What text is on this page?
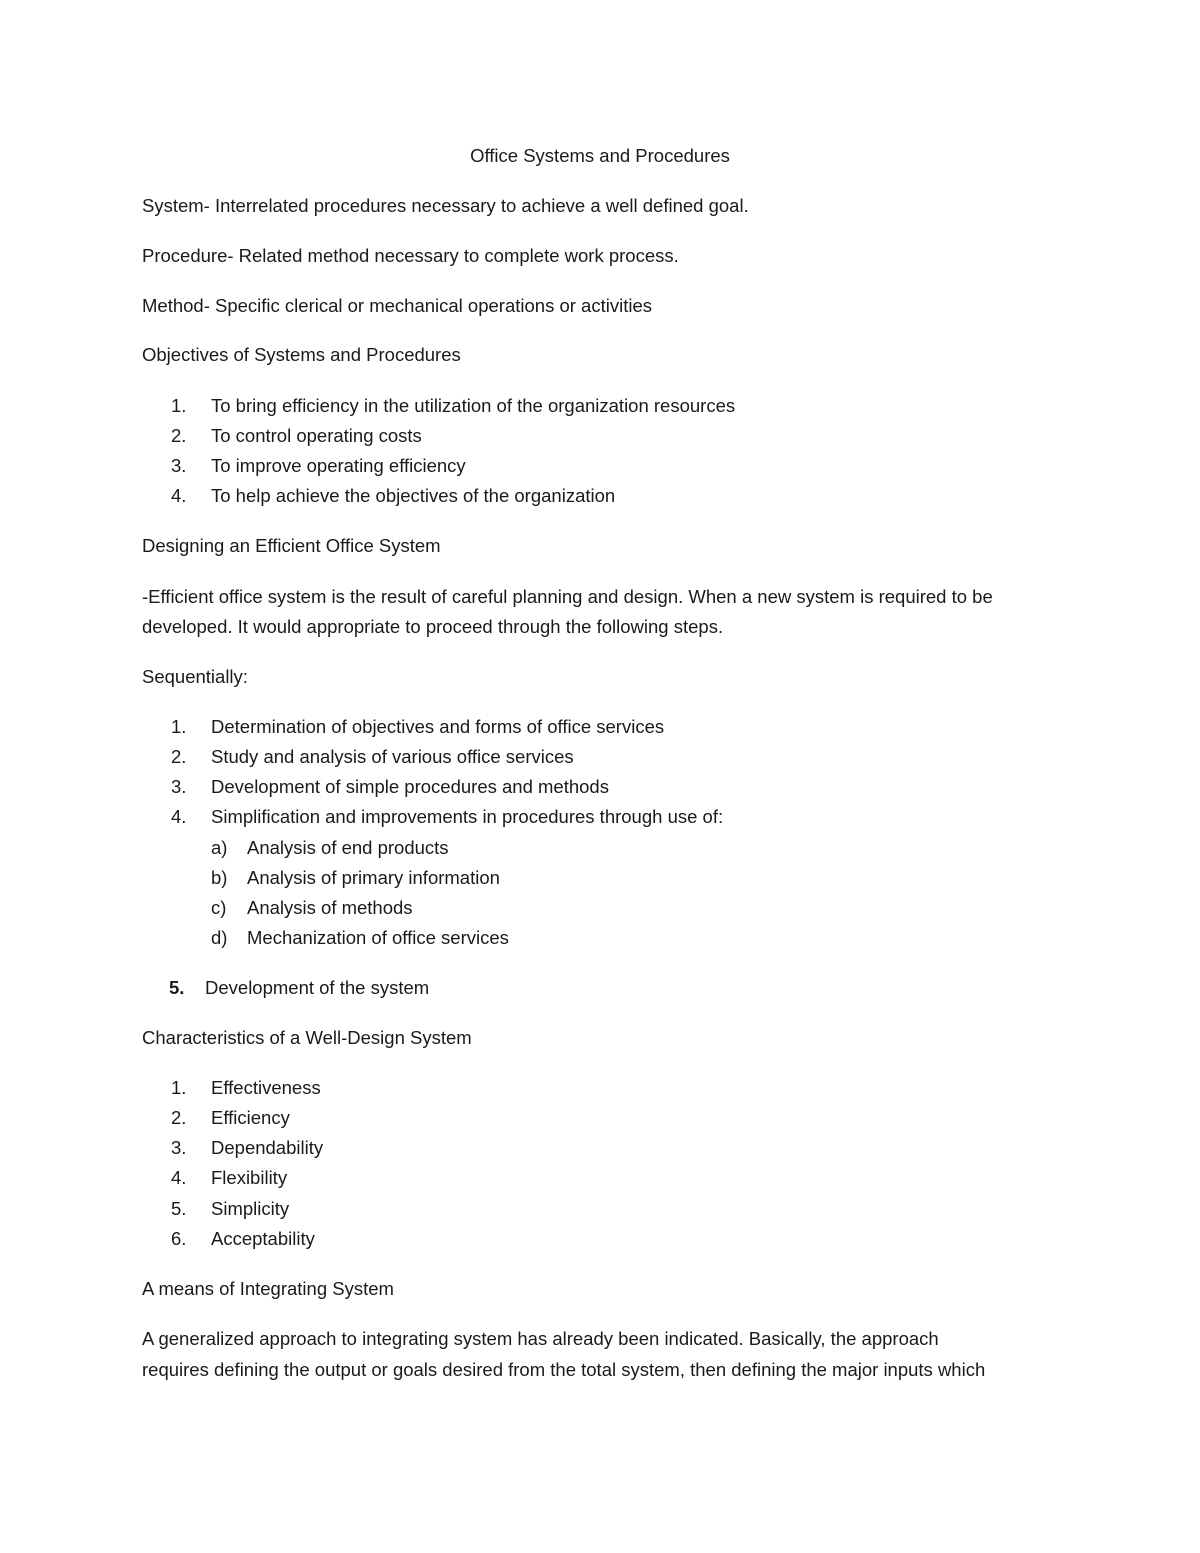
Office Systems and Procedures
System- Interrelated procedures necessary to achieve a well defined goal.
Procedure- Related method necessary to complete work process.
Method- Specific clerical or mechanical operations or activities
Objectives of Systems and Procedures
1. To bring efficiency in the utilization of the organization resources
2. To control operating costs
3. To improve operating efficiency
4. To help achieve the objectives of the organization
Designing an Efficient Office System
-Efficient office system is the result of careful planning and design. When a new system is required to be
developed. It would appropriate to proceed through the following steps.
Sequentially:
1. Determination of objectives and forms of office services
2. Study and analysis of various office services
3. Development of simple procedures and methods
4. Simplification and improvements in procedures through use of:
a) Analysis of end products
b) Analysis of primary information
c) Analysis of methods
d) Mechanization of office services
5. Development of the system
Characteristics of a Well-Design System
1. Effectiveness
2. Efficiency
3. Dependability
4. Flexibility
5. Simplicity
6. Acceptability
A means of Integrating System
A generalized approach to integrating system has already been indicated. Basically, the approach
requires defining the output or goals desired from the total system, then defining the major inputs which
